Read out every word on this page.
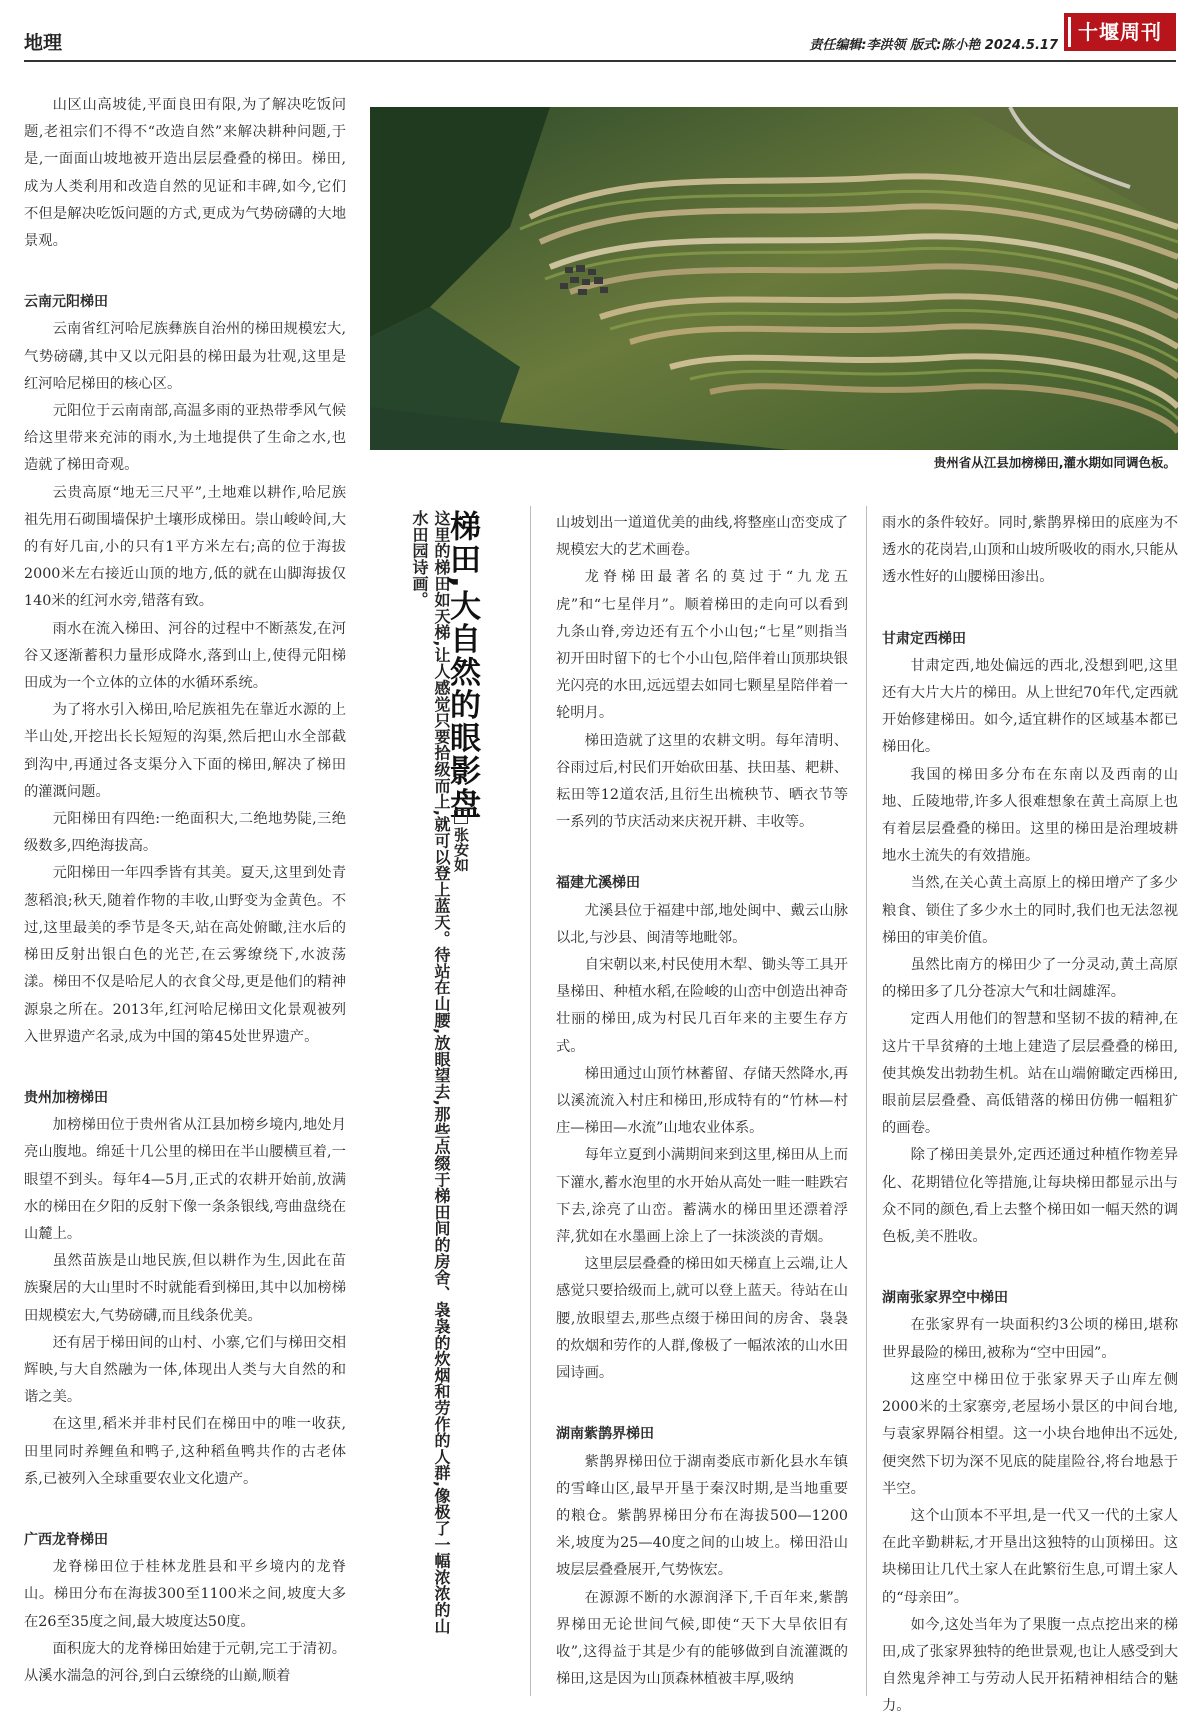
地理	责任编辑:李洪领 版式:陈小艳 2024.5.17
十堰周刊

山区山高坡徒,平面良田有限,为了解决吃饭问题,老祖宗们不得不“改造自然”来解决耕种问题,于是,一面面山坡地被开造出层层叠叠的梯田。梯田,成为人类利用和改造自然的见证和丰碑,如今,它们不但是解决吃饭问题的方式,更成为气势磅礴的大地景观。

云南元阳梯田

云南省红河哈尼族彝族自治州的梯田规模宏大,气势磅礴,其中又以元阳县的梯田最为壮观,这里是红河哈尼梯田的核心区。

元阳位于云南南部,高温多雨的亚热带季风气候给这里带来充沛的雨水,为土地提供了生命之水,也造就了梯田奇观。

云贵高原“地无三尺平”,土地难以耕作,哈尼族祖先用石砌围墙保护土壤形成梯田。崇山峻岭间,大的有好几亩,小的只有1平方米左右;高的位于海拔2000米左右接近山顶的地方,低的就在山脚海拔仅140米的红河水旁,错落有致。

雨水在流入梯田、河谷的过程中不断蒸发,在河谷又逐渐蓄积力量形成降水,落到山上,使得元阳梯田成为一个立体的立体的水循环系统。

为了将水引入梯田,哈尼族祖先在靠近水源的上半山处,开挖出长长短短的沟渠,然后把山水全部截到沟中,再通过各支渠分入下面的梯田,解决了梯田的灌溉问题。

元阳梯田有四绝:一绝面积大,二绝地势陡,三绝级数多,四绝海拔高。

元阳梯田一年四季皆有其美。夏天,这里到处青葱稻浪;秋天,随着作物的丰收,山野变为金黄色。不过,这里最美的季节是冬天,站在高处俯瞰,注水后的梯田反射出银白色的光芒,在云雾缭绕下,水波荡漾。梯田不仅是哈尼人的衣食父母,更是他们的精神源泉之所在。2013年,红河哈尼梯田文化景观被列入世界遗产名录,成为中国的第45处世界遗产。

贵州加榜梯田

加榜梯田位于贵州省从江县加榜乡境内,地处月亮山腹地。绵延十几公里的梯田在半山腰横亘着,一眼望不到头。每年4—5月,正式的农耕开始前,放满水的梯田在夕阳的反射下像一条条银线,弯曲盘绕在山麓上。

虽然苗族是山地民族,但以耕作为生,因此在苗族聚居的大山里时不时就能看到梯田,其中以加榜梯田规模宏大,气势磅礴,而且线条优美。

还有居于梯田间的山村、小寨,它们与梯田交相辉映,与大自然融为一体,体现出人类与大自然的和谐之美。

在这里,稻米并非村民们在梯田中的唯一收获,田里同时养鲤鱼和鸭子,这种稻鱼鸭共作的古老体系,已被列入全球重要农业文化遗产。

广西龙脊梯田

龙脊梯田位于桂林龙胜县和平乡境内的龙脊山。梯田分布在海拔300至1100米之间,坡度大多在26至35度之间,最大坡度达50度。

面积庞大的龙脊梯田始建于元朝,完工于清初。从溪水湍急的河谷,到白云缭绕的山巅,顺着

贵州省从江县加榜梯田,灌水期如同调色板。
梯田,大自然的眼影盘
张安如
这里的梯田如天梯,让人感觉只要拾级而上,就可以登上蓝天。待站在山腰,放眼望去,那些点缀于梯田间的房舍、袅袅的炊烟和劳作的人群,像极了一幅浓浓的山水田园诗画。	山坡划出一道道优美的曲线,将整座山峦变成了规模宏大的艺术画卷。

龙脊梯田最著名的莫过于“九龙五虎”和“七星伴月”。顺着梯田的走向可以看到九条山脊,旁边还有五个小山包;“七星”则指当初开田时留下的七个小山包,陪伴着山顶那块银光闪亮的水田,远远望去如同七颗星星陪伴着一轮明月。

梯田造就了这里的农耕文明。每年清明、谷雨过后,村民们开始砍田基、扶田基、耙耕、耘田等12道农活,且衍生出梳秧节、晒衣节等一系列的节庆活动来庆祝开耕、丰收等。

福建尤溪梯田

尤溪县位于福建中部,地处闽中、戴云山脉以北,与沙县、闽清等地毗邻。

自宋朝以来,村民使用木犁、锄头等工具开垦梯田、种植水稻,在险峻的山峦中创造出神奇壮丽的梯田,成为村民几百年来的主要生存方式。

梯田通过山顶竹林蓄留、存储天然降水,再以溪流流入村庄和梯田,形成特有的“竹林—村庄—梯田—水流”山地农业体系。

每年立夏到小满期间来到这里,梯田从上而下灌水,蓄水泡里的水开始从高处一畦一畦跌宕下去,涂亮了山峦。蓄满水的梯田里还漂着浮萍,犹如在水墨画上涂上了一抹淡淡的青烟。

这里层层叠叠的梯田如天梯直上云端,让人感觉只要拾级而上,就可以登上蓝天。待站在山腰,放眼望去,那些点缀于梯田间的房舍、袅袅的炊烟和劳作的人群,像极了一幅浓浓的山水田园诗画。

湖南紫鹊界梯田

紫鹊界梯田位于湖南娄底市新化县水车镇的雪峰山区,最早开垦于秦汉时期,是当地重要的粮仓。紫鹊界梯田分布在海拔500—1200米,坡度为25—40度之间的山坡上。梯田沿山坡层层叠叠展开,气势恢宏。

在源源不断的水源润泽下,千百年来,紫鹊界梯田无论世间气候,即使“天下大旱依旧有收”,这得益于其是少有的能够做到自流灌溉的梯田,这是因为山顶森林植被丰厚,吸纳

雨水的条件较好。同时,紫鹊界梯田的底座为不透水的花岗岩,山顶和山坡所吸收的雨水,只能从透水性好的山腰梯田渗出。

甘肃定西梯田

甘肃定西,地处偏远的西北,没想到吧,这里还有大片大片的梯田。从上世纪70年代,定西就开始修建梯田。如今,适宜耕作的区域基本都已梯田化。

我国的梯田多分布在东南以及西南的山地、丘陵地带,许多人很难想象在黄土高原上也有着层层叠叠的梯田。这里的梯田是治理坡耕地水土流失的有效措施。

当然,在关心黄土高原上的梯田增产了多少粮食、锁住了多少水土的同时,我们也无法忽视梯田的审美价值。

虽然比南方的梯田少了一分灵动,黄土高原的梯田多了几分苍凉大气和壮阔雄浑。

定西人用他们的智慧和坚韧不拔的精神,在这片干旱贫瘠的土地上建造了层层叠叠的梯田,使其焕发出勃勃生机。站在山端俯瞰定西梯田,眼前层层叠叠、高低错落的梯田仿佛一幅粗犷的画卷。

除了梯田美景外,定西还通过种植作物差异化、花期错位化等措施,让每块梯田都显示出与众不同的颜色,看上去整个梯田如一幅天然的调色板,美不胜收。

湖南张家界空中梯田

在张家界有一块面积约3公顷的梯田,堪称世界最险的梯田,被称为“空中田园”。

这座空中梯田位于张家界天子山库左侧2000米的土家寨旁,老屋场小景区的中间台地,与袁家界隔谷相望。这一小块台地伸出不远处,便突然下切为深不见底的陡崖险谷,将台地悬于半空。

这个山顶本不平坦,是一代又一代的土家人在此辛勤耕耘,才开垦出这独特的山顶梯田。这块梯田让几代土家人在此繁衍生息,可谓土家人的“母亲田”。

如今,这处当年为了果腹一点点挖出来的梯田,成了张家界独特的绝世景观,也让人感受到大自然鬼斧神工与劳动人民开拓精神相结合的魅力。
